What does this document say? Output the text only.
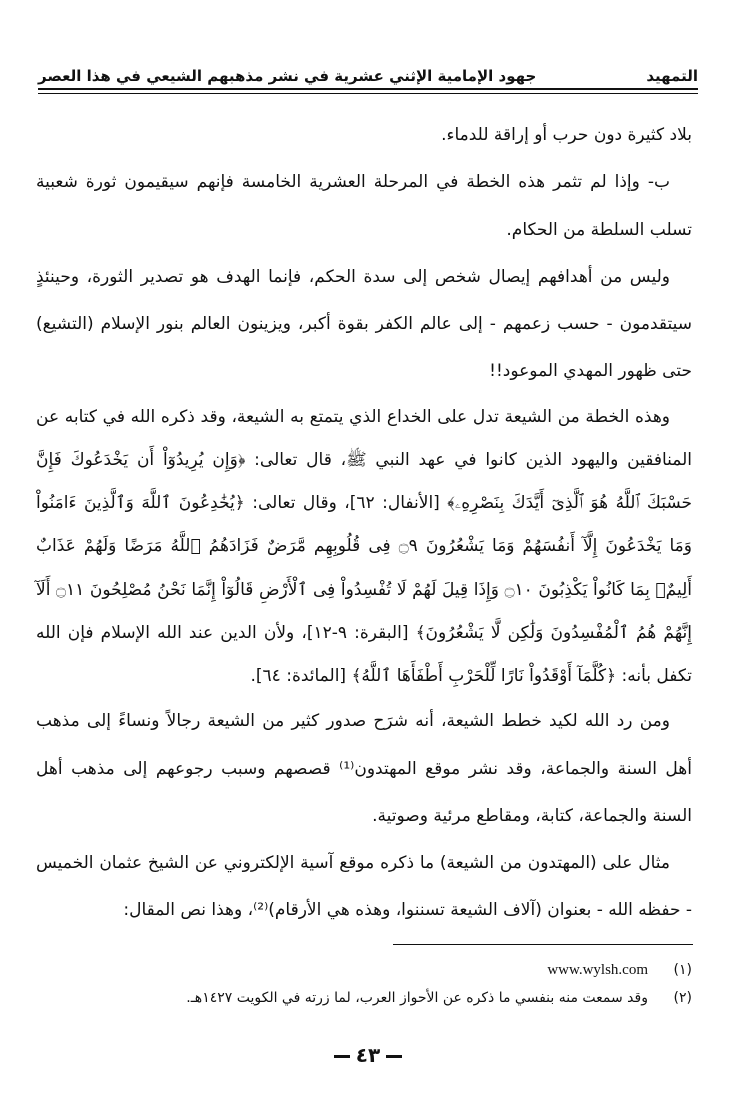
التمهيد
جهود الإمامية الإثني عشرية في نشر مذهبهم الشيعي في هذا العصر

بلاد كثيرة دون حرب أو إراقة للدماء.

ب- وإذا لم تثمر هذه الخطة في المرحلة العشرية الخامسة فإنهم سيقيمون ثورة شعبية تسلب السلطة من الحكام.

وليس من أهدافهم إيصال شخص إلى سدة الحكم، فإنما الهدف هو تصدير الثورة، وحينئذٍ سيتقدمون - حسب زعمهم - إلى عالم الكفر بقوة أكبر، ويزينون العالم بنور الإسلام (التشيع) حتى ظهور المهدي الموعود!!

وهذه الخطة من الشيعة تدل على الخداع الذي يتمتع به الشيعة، وقد ذكره الله في كتابه عن المنافقين واليهود الذين كانوا في عهد النبي ﷺ، قال تعالى: ﴿وَإِن يُرِيدُوٓاْ أَن يَخْدَعُوكَ فَإِنَّ حَسْبَكَ ٱللَّهُ هُوَ ٱلَّذِىٓ أَيَّدَكَ بِنَصْرِهِۦ﴾ [الأنفال: ٦٢]، وقال تعالى: ﴿يُخَٰدِعُونَ ٱللَّهَ وَٱلَّذِينَ ءَامَنُواْ وَمَا يَخْدَعُونَ إِلَّآ أَنفُسَهُمْ وَمَا يَشْعُرُونَ ۝٩ فِى قُلُوبِهِم مَّرَضٌ فَزَادَهُمُ ٱللَّهُ مَرَضًا وَلَهُمْ عَذَابٌ أَلِيمٌۢ بِمَا كَانُواْ يَكْذِبُونَ ۝١٠ وَإِذَا قِيلَ لَهُمْ لَا تُفْسِدُواْ فِى ٱلْأَرْضِ قَالُوٓاْ إِنَّمَا نَحْنُ مُصْلِحُونَ ۝١١ أَلَآ إِنَّهُمْ هُمُ ٱلْمُفْسِدُونَ وَلَٰكِن لَّا يَشْعُرُونَ﴾ [البقرة: ٩-١٢]، ولأن الدين عند الله الإسلام فإن الله تكفل بأنه: ﴿كُلَّمَآ أَوْقَدُواْ نَارًا لِّلْحَرْبِ أَطْفَأَهَا ٱللَّهُ﴾ [المائدة: ٦٤].

ومن رد الله لكيد خطط الشيعة، أنه شرَح صدور كثير من الشيعة رجالاً ونساءً إلى مذهب أهل السنة والجماعة، وقد نشر موقع المهتدون⁽¹⁾ قصصهم وسبب رجوعهم إلى مذهب أهل السنة والجماعة، كتابة، ومقاطع مرئية وصوتية.

مثال على (المهتدون من الشيعة) ما ذكره موقع آسية الإلكتروني عن الشيخ عثمان الخميس - حفظه الله - بعنوان (آلاف الشيعة تسننوا، وهذه هي الأرقام)⁽²⁾، وهذا نص المقال:

(١)
www.wylsh.com
(٢)
وقد سمعت منه بنفسي ما ذكره عن الأحواز العرب، لما زرته في الكويت ١٤٢٧هـ.
٤٣
